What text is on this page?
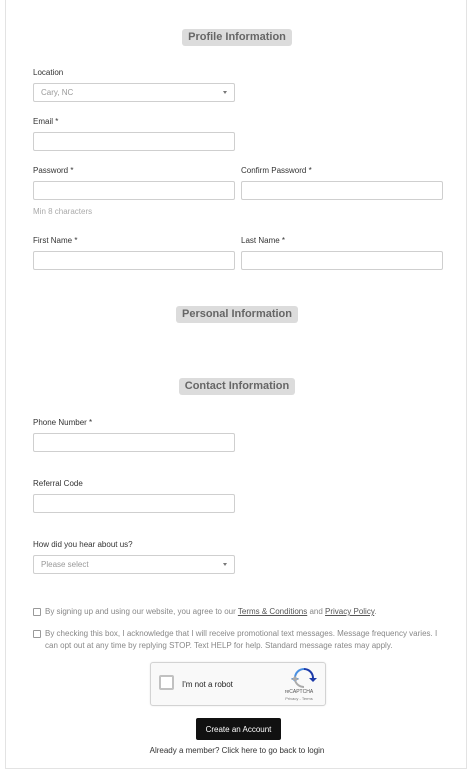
Profile Information
Location
Cary, NC
Email *
Password *
Min 8 characters
Confirm Password *
First Name *	Last Name *
Personal Information
Contact Information
Phone Number *
Referral Code
How did you hear about us?
Please select
By signing up and using our website, you agree to our Terms & Conditions and Privacy Policy.
By checking this box, I acknowledge that I will receive promotional text messages. Message frequency varies. I can opt out at any time by replying STOP. Text HELP for help. Standard message rates may apply.
I'm not a robot
reCAPTCHA
Privacy - Terms
Create an Account
Already a member? Click here to go back to login
